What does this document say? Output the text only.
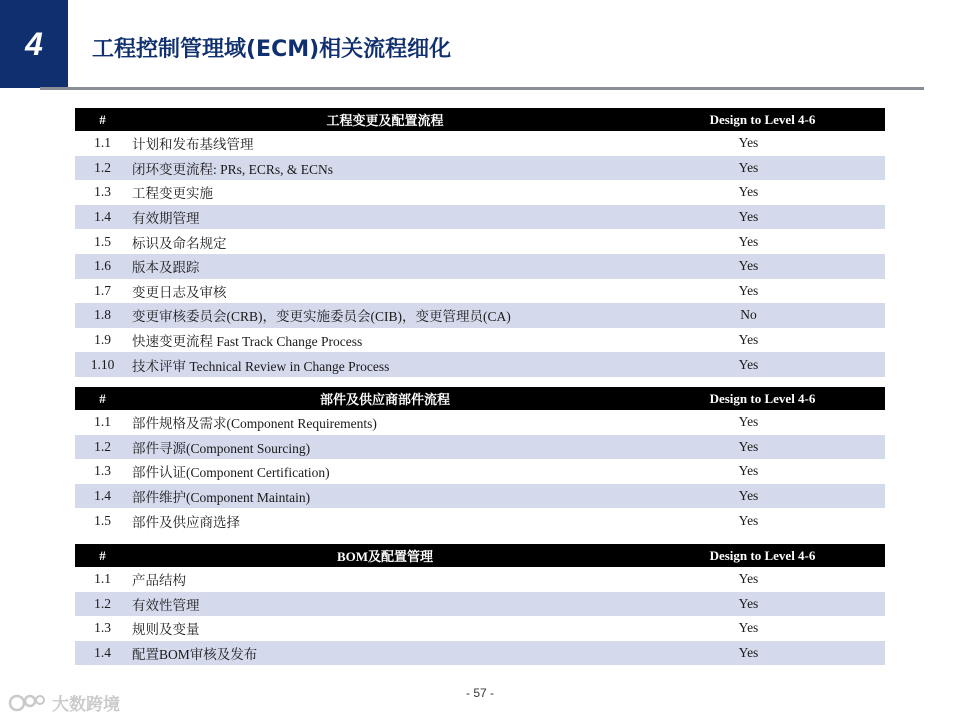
4 工程控制管理域(ECM)相关流程细化
#	工程变更及配置流程	Design to Level 4-6
1.1	计划和发布基线管理	Yes
1.2	闭环变更流程: PRs, ECRs, & ECNs	Yes
1.3	工程变更实施	Yes
1.4	有效期管理	Yes
1.5	标识及命名规定	Yes
1.6	版本及跟踪	Yes
1.7	变更日志及审核	Yes
1.8	变更审核委员会(CRB)，变更实施委员会(CIB)，变更管理员(CA)	No
1.9	快速变更流程 Fast Track Change Process	Yes
1.10	技术评审 Technical Review in Change Process	Yes
#	部件及供应商部件流程	Design to Level 4-6
1.1	部件规格及需求(Component Requirements)	Yes
1.2	部件寻源(Component Sourcing)	Yes
1.3	部件认证(Component Certification)	Yes
1.4	部件维护(Component Maintain)	Yes
1.5	部件及供应商选择	Yes
#	BOM及配置管理	Design to Level 4-6
1.1	产品结构	Yes
1.2	有效性管理	Yes
1.3	规则及变量	Yes
1.4	配置BOM审核及发布	Yes
- 57 -
大数跨境
